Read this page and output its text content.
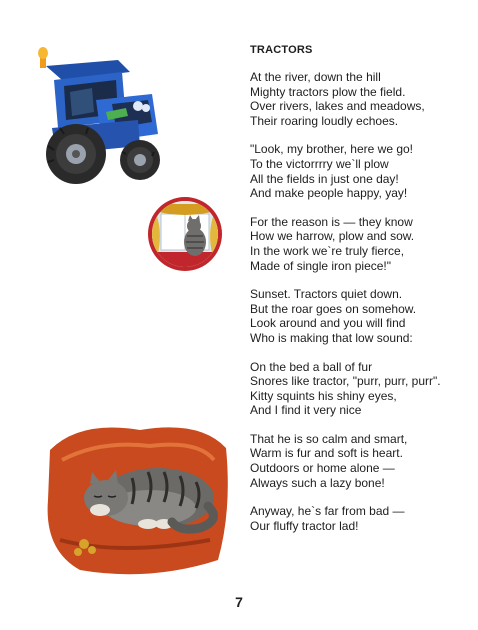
TRACTORS
At the river, down the hill
Mighty tractors plow the field.
Over rivers, lakes and meadows,
Their roaring loudly echoes.
"Look, my brother, here we go!
To the victorrrry we`ll plow
All the fields in just one day!
And make people happy, yay!
For the reason is — they know
How we harrow, plow and sow.
In the work we`re truly fierce,
Made of single iron piece!"
Sunset. Tractors quiet down.
But the roar goes on somehow.
Look around and you will find
Who is making that low sound:
On the bed a ball of fur
Snores like tractor, "purr, purr, purr".
Kitty squints his shiny eyes,
And I find it very nice
That he is so calm and smart,
Warm is fur and soft is heart.
Outdoors or home alone —
Always such a lazy bone!
Anyway, he`s far from bad —
Our fluffy tractor lad!
7
